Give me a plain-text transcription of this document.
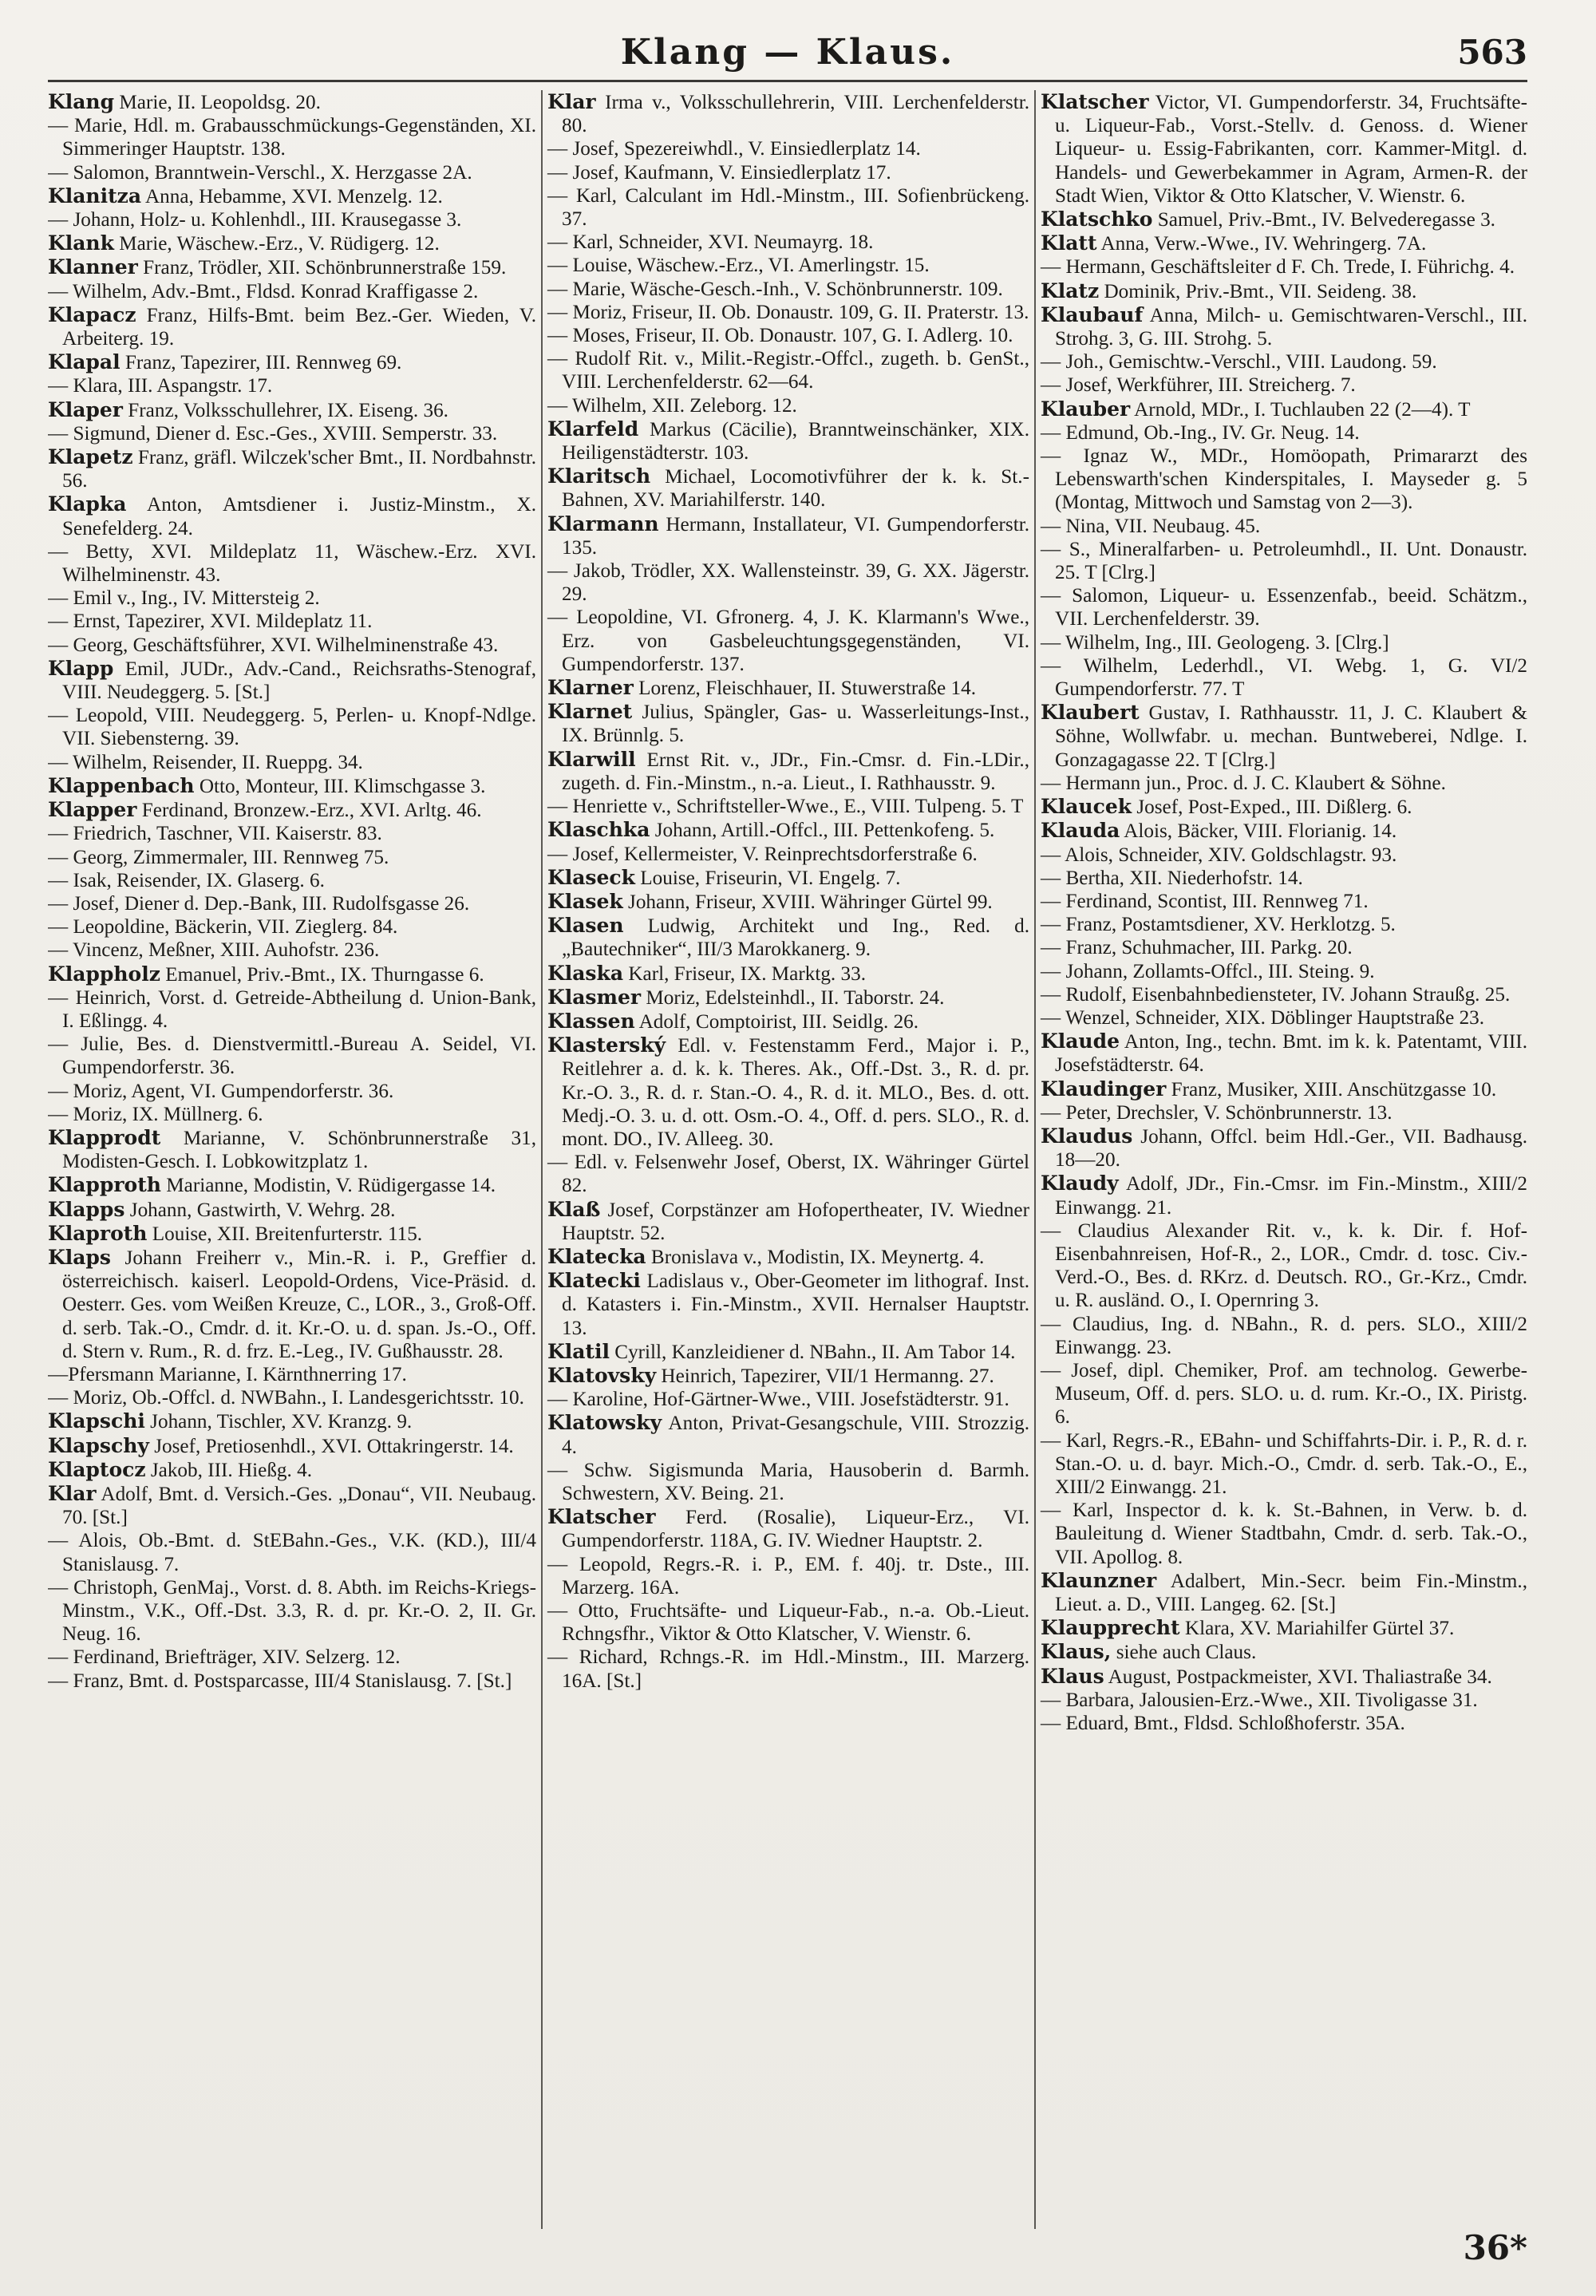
Klang — Klaus.	563
Klang Marie, II. Leopoldsg. 20.
— Marie, Hdl. m. Grabausschmückungs-Gegenständen, XI. Simmeringer Hauptstr. 138.
— Salomon, Branntwein-Verschl., X. Herzgasse 2A.
Klanitza Anna, Hebamme, XVI. Menzelg. 12.
— Johann, Holz- u. Kohlenhdl., III. Krausegasse 3.
Klank Marie, Wäschew.-Erz., V. Rüdigerg. 12.
Klanner Franz, Trödler, XII. Schönbrunnerstraße 159.
— Wilhelm, Adv.-Bmt., Fldsd. Konrad Kraffigasse 2.
Klapacz Franz, Hilfs-Bmt. beim Bez.-Ger. Wieden, V. Arbeiterg. 19.
Klapal Franz, Tapezirer, III. Rennweg 69.
— Klara, III. Aspangstr. 17.
Klaper Franz, Volksschullehrer, IX. Eiseng. 36.
— Sigmund, Diener d. Esc.-Ges., XVIII. Semperstr. 33.
Klapetz Franz, gräfl. Wilczek'scher Bmt., II. Nordbahnstr. 56.
Klapka Anton, Amtsdiener i. Justiz-Minstm., X. Senefelderg. 24.
— Betty, XVI. Mildeplatz 11, Wäschew.-Erz. XVI. Wilhelminenstr. 43.
— Emil v., Ing., IV. Mittersteig 2.
— Ernst, Tapezirer, XVI. Mildeplatz 11.
— Georg, Geschäftsführer, XVI. Wilhelminenstraße 43.
Klapp Emil, JUDr., Adv.-Cand., Reichsraths-Stenograf, VIII. Neudeggerg. 5. [St.]
— Leopold, VIII. Neudeggerg. 5, Perlen- u. Knopf-Ndlge. VII. Siebensterng. 39.
— Wilhelm, Reisender, II. Rueppg. 34.
Klappenbach Otto, Monteur, III. Klimschgasse 3.
Klapper Ferdinand, Bronzew.-Erz., XVI. Arltg. 46.
— Friedrich, Taschner, VII. Kaiserstr. 83.
— Georg, Zimmermaler, III. Rennweg 75.
— Isak, Reisender, IX. Glaserg. 6.
— Josef, Diener d. Dep.-Bank, III. Rudolfsgasse 26.
— Leopoldine, Bäckerin, VII. Zieglerg. 84.
— Vincenz, Meßner, XIII. Auhofstr. 236.
Klappholz Emanuel, Priv.-Bmt., IX. Thurngasse 6.
— Heinrich, Vorst. d. Getreide-Abtheilung d. Union-Bank, I. Eßlingg. 4.
— Julie, Bes. d. Dienstvermittl.-Bureau A. Seidel, VI. Gumpendorferstr. 36.
— Moriz, Agent, VI. Gumpendorferstr. 36.
— Moriz, IX. Müllnerg. 6.
Klapprodt Marianne, V. Schönbrunnerstraße 31, Modisten-Gesch. I. Lobkowitzplatz 1.
Klapproth Marianne, Modistin, V. Rüdigergasse 14.
Klapps Johann, Gastwirth, V. Wehrg. 28.
Klaproth Louise, XII. Breitenfurterstr. 115.
Klaps Johann Freiherr v., Min.-R. i. P., Greffier d. österreichisch. kaiserl. Leopold-Ordens, Vice-Präsid. d. Oesterr. Ges. vom Weißen Kreuze, C., LOR., 3., Groß-Off. d. serb. Tak.-O., Cmdr. d. it. Kr.-O. u. d. span. Js.-O., Off. d. Stern v. Rum., R. d. frz. E.-Leg., IV. Gußhausstr. 28.
—Pfersmann Marianne, I. Kärnthnerring 17.
— Moriz, Ob.-Offcl. d. NWBahn., I. Landesgerichtsstr. 10.
Klapschi Johann, Tischler, XV. Kranzg. 9.
Klapschy Josef, Pretiosenhdl., XVI. Ottakringerstr. 14.
Klaptocz Jakob, III. Hießg. 4.
Klar Adolf, Bmt. d. Versich.-Ges. „Donau“, VII. Neubaug. 70. [St.]
— Alois, Ob.-Bmt. d. StEBahn.-Ges., V.K. (KD.), III/4 Stanislausg. 7.
— Christoph, GenMaj., Vorst. d. 8. Abth. im Reichs-Kriegs-Minstm., V.K., Off.-Dst. 3.3, R. d. pr. Kr.-O. 2, II. Gr. Neug. 16.
— Ferdinand, Briefträger, XIV. Selzerg. 12.
— Franz, Bmt. d. Postsparcasse, III/4 Stanislausg. 7. [St.]
Klar Irma v., Volksschullehrerin, VIII. Lerchenfelderstr. 80.
— Josef, Spezereiwhdl., V. Einsiedlerplatz 14.
— Josef, Kaufmann, V. Einsiedlerplatz 17.
— Karl, Calculant im Hdl.-Minstm., III. Sofienbrückeng. 37.
— Karl, Schneider, XVI. Neumayrg. 18.
— Louise, Wäschew.-Erz., VI. Amerlingstr. 15.
— Marie, Wäsche-Gesch.-Inh., V. Schönbrunnerstr. 109.
— Moriz, Friseur, II. Ob. Donaustr. 109, G. II. Praterstr. 13.
— Moses, Friseur, II. Ob. Donaustr. 107, G. I. Adlerg. 10.
— Rudolf Rit. v., Milit.-Registr.-Offcl., zugeth. b. GenSt., VIII. Lerchenfelderstr. 62—64.
— Wilhelm, XII. Zeleborg. 12.
Klarfeld Markus (Cäcilie), Branntweinschänker, XIX. Heiligenstädterstr. 103.
Klaritsch Michael, Locomotivführer der k. k. St.-Bahnen, XV. Mariahilferstr. 140.
Klarmann Hermann, Installateur, VI. Gumpendorferstr. 135.
— Jakob, Trödler, XX. Wallensteinstr. 39, G. XX. Jägerstr. 29.
— Leopoldine, VI. Gfronerg. 4, J. K. Klarmann's Wwe., Erz. von Gasbeleuchtungsgegenständen, VI. Gumpendorferstr. 137.
Klarner Lorenz, Fleischhauer, II. Stuwerstraße 14.
Klarnet Julius, Spängler, Gas- u. Wasserleitungs-Inst., IX. Brünnlg. 5.
Klarwill Ernst Rit. v., JDr., Fin.-Cmsr. d. Fin.-LDir., zugeth. d. Fin.-Minstm., n.-a. Lieut., I. Rathhausstr. 9.
— Henriette v., Schriftsteller-Wwe., E., VIII. Tulpeng. 5. T
Klaschka Johann, Artill.-Offcl., III. Pettenkofeng. 5.
— Josef, Kellermeister, V. Reinprechtsdorferstraße 6.
Klaseck Louise, Friseurin, VI. Engelg. 7.
Klasek Johann, Friseur, XVIII. Währinger Gürtel 99.
Klasen Ludwig, Architekt und Ing., Red. d. „Bautechniker“, III/3 Marokkanerg. 9.
Klaska Karl, Friseur, IX. Marktg. 33.
Klasmer Moriz, Edelsteinhdl., II. Taborstr. 24.
Klassen Adolf, Comptoirist, III. Seidlg. 26.
Klasterský Edl. v. Festenstamm Ferd., Major i. P., Reitlehrer a. d. k. k. Theres. Ak., Off.-Dst. 3., R. d. pr. Kr.-O. 3., R. d. r. Stan.-O. 4., R. d. it. MLO., Bes. d. ott. Medj.-O. 3. u. d. ott. Osm.-O. 4., Off. d. pers. SLO., R. d. mont. DO., IV. Alleeg. 30.
— Edl. v. Felsenwehr Josef, Oberst, IX. Währinger Gürtel 82.
Klaß Josef, Corpstänzer am Hofopertheater, IV. Wiedner Hauptstr. 52.
Klatecka Bronislava v., Modistin, IX. Meynertg. 4.
Klatecki Ladislaus v., Ober-Geometer im lithograf. Inst. d. Katasters i. Fin.-Minstm., XVII. Hernalser Hauptstr. 13.
Klatil Cyrill, Kanzleidiener d. NBahn., II. Am Tabor 14.
Klatovsky Heinrich, Tapezirer, VII/1 Hermanng. 27.
— Karoline, Hof-Gärtner-Wwe., VIII. Josefstädterstr. 91.
Klatowsky Anton, Privat-Gesangschule, VIII. Strozzig. 4.
— Schw. Sigismunda Maria, Hausoberin d. Barmh. Schwestern, XV. Being. 21.
Klatscher Ferd. (Rosalie), Liqueur-Erz., VI. Gumpendorferstr. 118A, G. IV. Wiedner Hauptstr. 2.
— Leopold, Regrs.-R. i. P., EM. f. 40j. tr. Dste., III. Marzerg. 16A.
— Otto, Fruchtsäfte- und Liqueur-Fab., n.-a. Ob.-Lieut. Rchngsfhr., Viktor & Otto Klatscher, V. Wienstr. 6.
— Richard, Rchngs.-R. im Hdl.-Minstm., III. Marzerg. 16A. [St.]
Klatscher Victor, VI. Gumpendorferstr. 34, Fruchtsäfte- u. Liqueur-Fab., Vorst.-Stellv. d. Genoss. d. Wiener Liqueur- u. Essig-Fabrikanten, corr. Kammer-Mitgl. d. Handels- und Gewerbekammer in Agram, Armen-R. der Stadt Wien, Viktor & Otto Klatscher, V. Wienstr. 6.
Klatschko Samuel, Priv.-Bmt., IV. Belvederegasse 3.
Klatt Anna, Verw.-Wwe., IV. Wehringerg. 7A.
— Hermann, Geschäftsleiter d F. Ch. Trede, I. Führichg. 4.
Klatz Dominik, Priv.-Bmt., VII. Seideng. 38.
Klaubauf Anna, Milch- u. Gemischtwaren-Verschl., III. Strohg. 3, G. III. Strohg. 5.
— Joh., Gemischtw.-Verschl., VIII. Laudong. 59.
— Josef, Werkführer, III. Streicherg. 7.
Klauber Arnold, MDr., I. Tuchlauben 22 (2—4). T
— Edmund, Ob.-Ing., IV. Gr. Neug. 14.
— Ignaz W., MDr., Homöopath, Primararzt des Lebenswarth'schen Kinderspitales, I. Mayseder g. 5 (Montag, Mittwoch und Samstag von 2—3).
— Nina, VII. Neubaug. 45.
— S., Mineralfarben- u. Petroleumhdl., II. Unt. Donaustr. 25. T [Clrg.]
— Salomon, Liqueur- u. Essenzenfab., beeid. Schätzm., VII. Lerchenfelderstr. 39.
— Wilhelm, Ing., III. Geologeng. 3. [Clrg.]
— Wilhelm, Lederhdl., VI. Webg. 1, G. VI/2 Gumpendorferstr. 77. T
Klaubert Gustav, I. Rathhausstr. 11, J. C. Klaubert & Söhne, Wollwfabr. u. mechan. Buntweberei, Ndlge. I. Gonzagagasse 22. T [Clrg.]
— Hermann jun., Proc. d. J. C. Klaubert & Söhne.
Klaucek Josef, Post-Exped., III. Dißlerg. 6.
Klauda Alois, Bäcker, VIII. Florianig. 14.
— Alois, Schneider, XIV. Goldschlagstr. 93.
— Bertha, XII. Niederhofstr. 14.
— Ferdinand, Scontist, III. Rennweg 71.
— Franz, Postamtsdiener, XV. Herklotzg. 5.
— Franz, Schuhmacher, III. Parkg. 20.
— Johann, Zollamts-Offcl., III. Steing. 9.
— Rudolf, Eisenbahnbediensteter, IV. Johann Straußg. 25.
— Wenzel, Schneider, XIX. Döblinger Hauptstraße 23.
Klaude Anton, Ing., techn. Bmt. im k. k. Patentamt, VIII. Josefstädterstr. 64.
Klaudinger Franz, Musiker, XIII. Anschützgasse 10.
— Peter, Drechsler, V. Schönbrunnerstr. 13.
Klaudus Johann, Offcl. beim Hdl.-Ger., VII. Badhausg. 18—20.
Klaudy Adolf, JDr., Fin.-Cmsr. im Fin.-Minstm., XIII/2 Einwangg. 21.
— Claudius Alexander Rit. v., k. k. Dir. f. Hof-Eisenbahnreisen, Hof-R., 2., LOR., Cmdr. d. tosc. Civ.-Verd.-O., Bes. d. RKrz. d. Deutsch. RO., Gr.-Krz., Cmdr. u. R. ausländ. O., I. Opernring 3.
— Claudius, Ing. d. NBahn., R. d. pers. SLO., XIII/2 Einwangg. 23.
— Josef, dipl. Chemiker, Prof. am technolog. Gewerbe-Museum, Off. d. pers. SLO. u. d. rum. Kr.-O., IX. Piristg. 6.
— Karl, Regrs.-R., EBahn- und Schiffahrts-Dir. i. P., R. d. r. Stan.-O. u. d. bayr. Mich.-O., Cmdr. d. serb. Tak.-O., E., XIII/2 Einwangg. 21.
— Karl, Inspector d. k. k. St.-Bahnen, in Verw. b. d. Bauleitung d. Wiener Stadtbahn, Cmdr. d. serb. Tak.-O., VII. Apollog. 8.
Klaunzner Adalbert, Min.-Secr. beim Fin.-Minstm., Lieut. a. D., VIII. Langeg. 62. [St.]
Klaupprecht Klara, XV. Mariahilfer Gürtel 37.
Klaus, siehe auch Claus.
Klaus August, Postpackmeister, XVI. Thaliastraße 34.
— Barbara, Jalousien-Erz.-Wwe., XII. Tivoligasse 31.
— Eduard, Bmt., Fldsd. Schloßhoferstr. 35A.
36*
